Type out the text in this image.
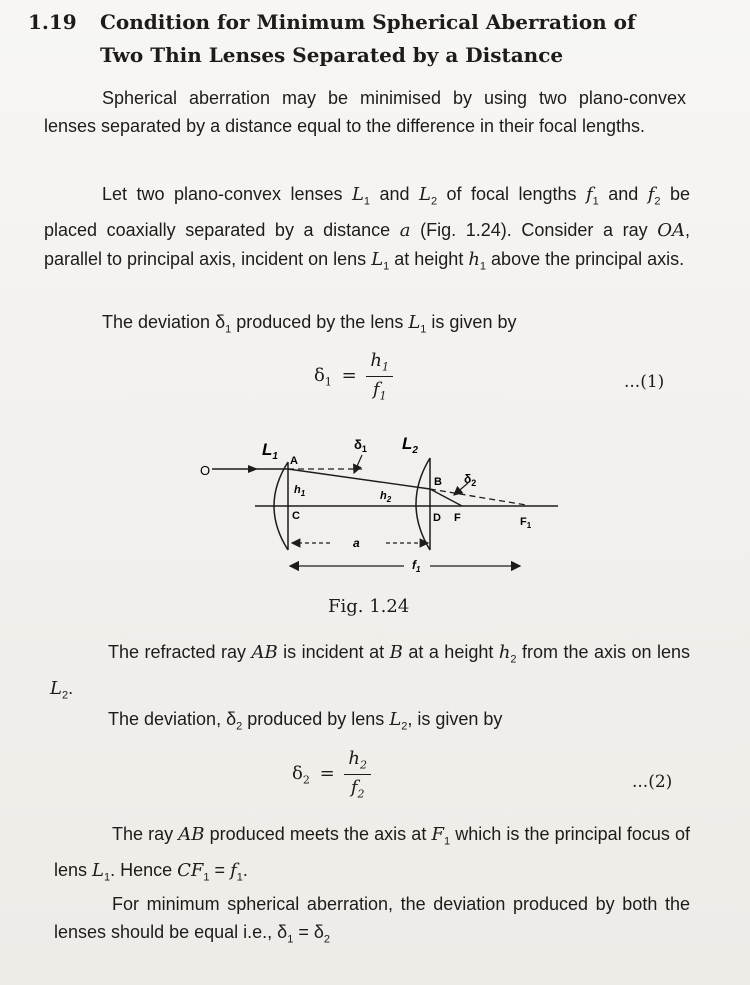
1.19 Condition for Minimum Spherical Aberration of
Two Thin Lenses Separated by a Distance
Spherical aberration may be minimised by using two plano-convex lenses separated by a distance equal to the difference in their focal lengths.
Let two plano-convex lenses $L_1$ and $L_2$ of focal lengths $f_1$ and $f_2$ be placed coaxially separated by a distance a (Fig. 1.24). Consider a ray OA, parallel to principal axis, incident on lens $L_1$ at height $h_1$ above the principal axis.
The deviation $\delta_1$ produced by the lens $L_1$ is given by
$\delta_1 = \frac{h_1}{f_1}$	...(1)
O
$L_1$ A
$h_1$
C
$\delta_1$ $L_2$
$h_2$
B $\delta_2$
D F	$F_1$
a
$f_1$
Fig. 1.24
The refracted ray AB is incident at B at a height $h_2$ from the axis on lens $L_2$.
The deviation, $\delta_2$ produced by lens $L_2$, is given by
$\delta_2 = \frac{h_2}{f_2}$	...(2)
The ray AB produced meets the axis at $F_1$ which is the principal focus of lens $L_1$. Hence $CF_1 = f_1$.
For minimum spherical aberration, the deviation produced by both the lenses should be equal i.e., $\delta_1 = \delta_2$
